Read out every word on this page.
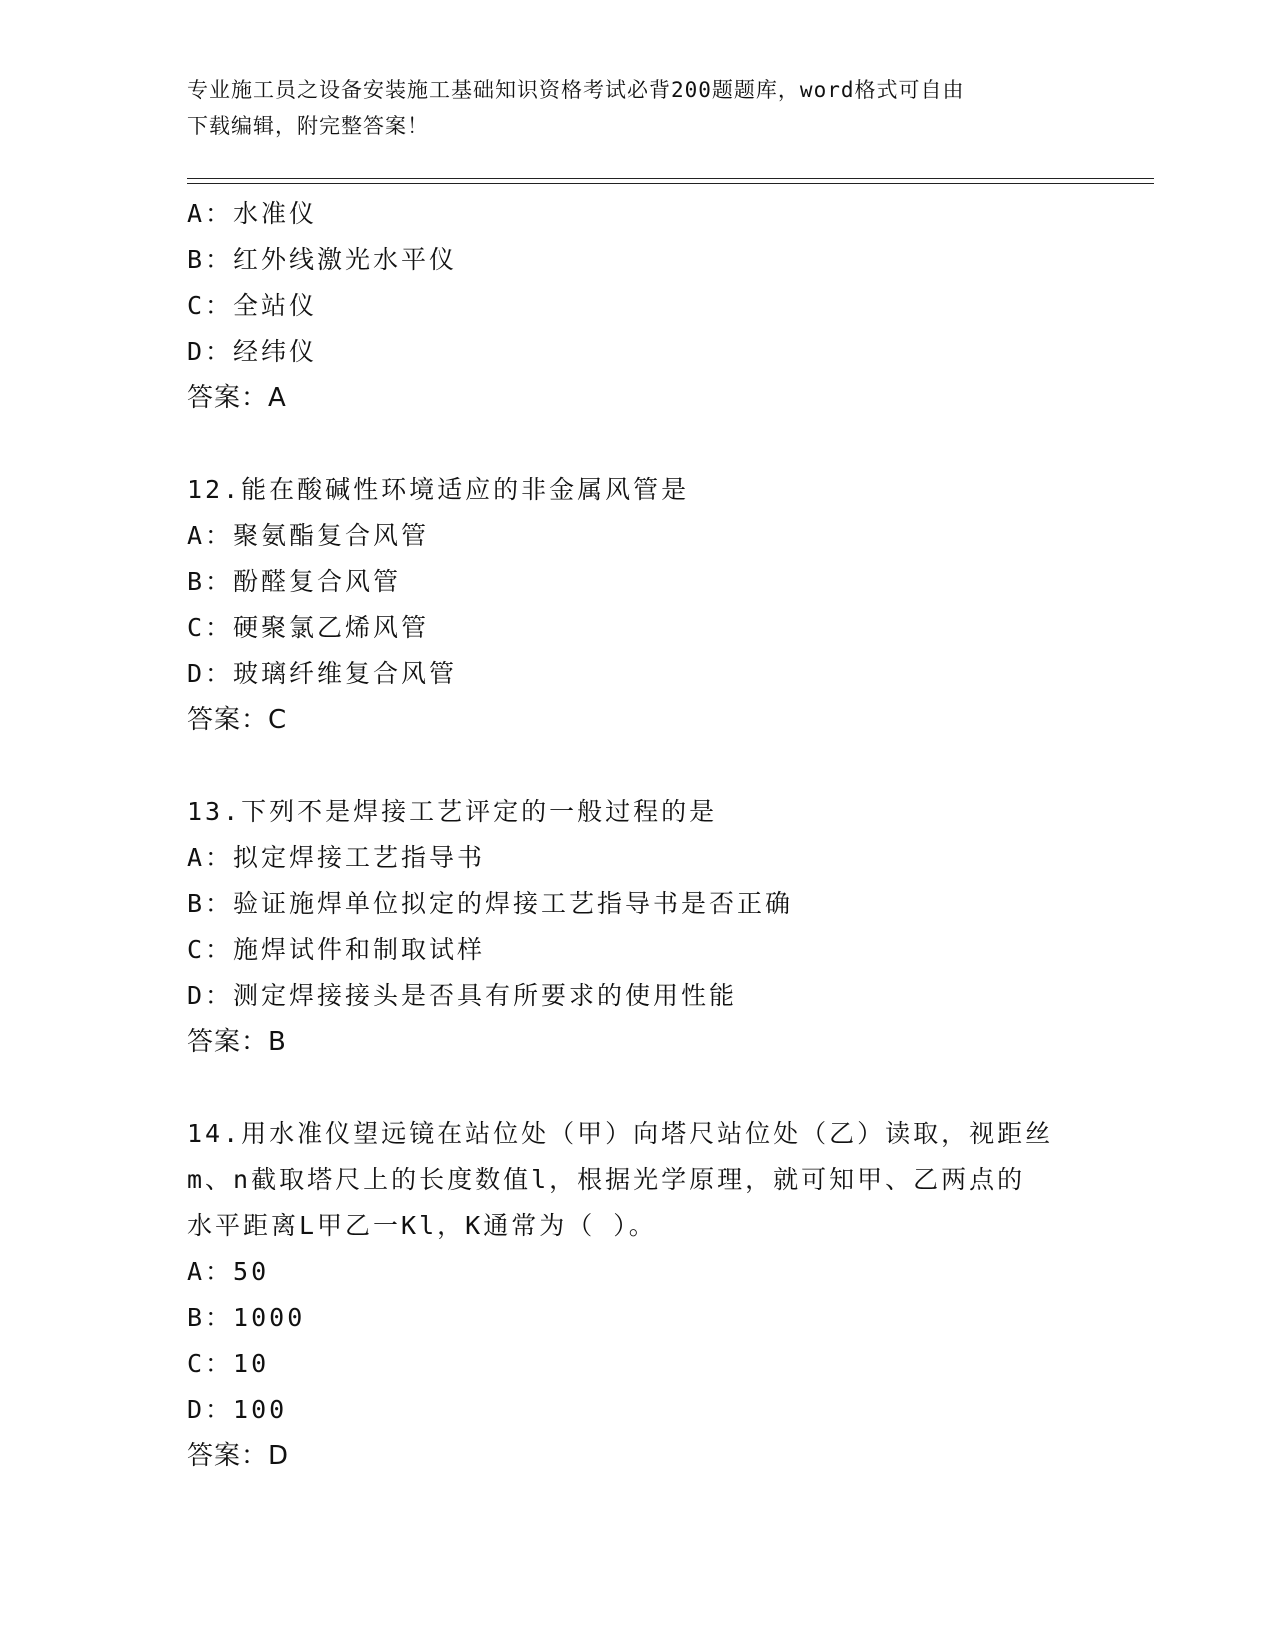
专业施工员之设备安装施工基础知识资格考试必背200题题库，word格式可自由
下载编辑，附完整答案！
A：水准仪
B：红外线激光水平仪
C：全站仪
D：经纬仪
答案：A
12.能在酸碱性环境适应的非金属风管是
A：聚氨酯复合风管
B：酚醛复合风管
C：硬聚氯乙烯风管
D：玻璃纤维复合风管
答案：C
13.下列不是焊接工艺评定的一般过程的是
A：拟定焊接工艺指导书
B：验证施焊单位拟定的焊接工艺指导书是否正确
C：施焊试件和制取试样
D：测定焊接接头是否具有所要求的使用性能
答案：B
14.用水准仪望远镜在站位处（甲）向塔尺站位处（乙）读取，视距丝
m、n截取塔尺上的长度数值l，根据光学原理，就可知甲、乙两点的
水平距离L甲乙一Kl，K通常为（ ）。
A：50
B：1000
C：10
D：100
答案：D
